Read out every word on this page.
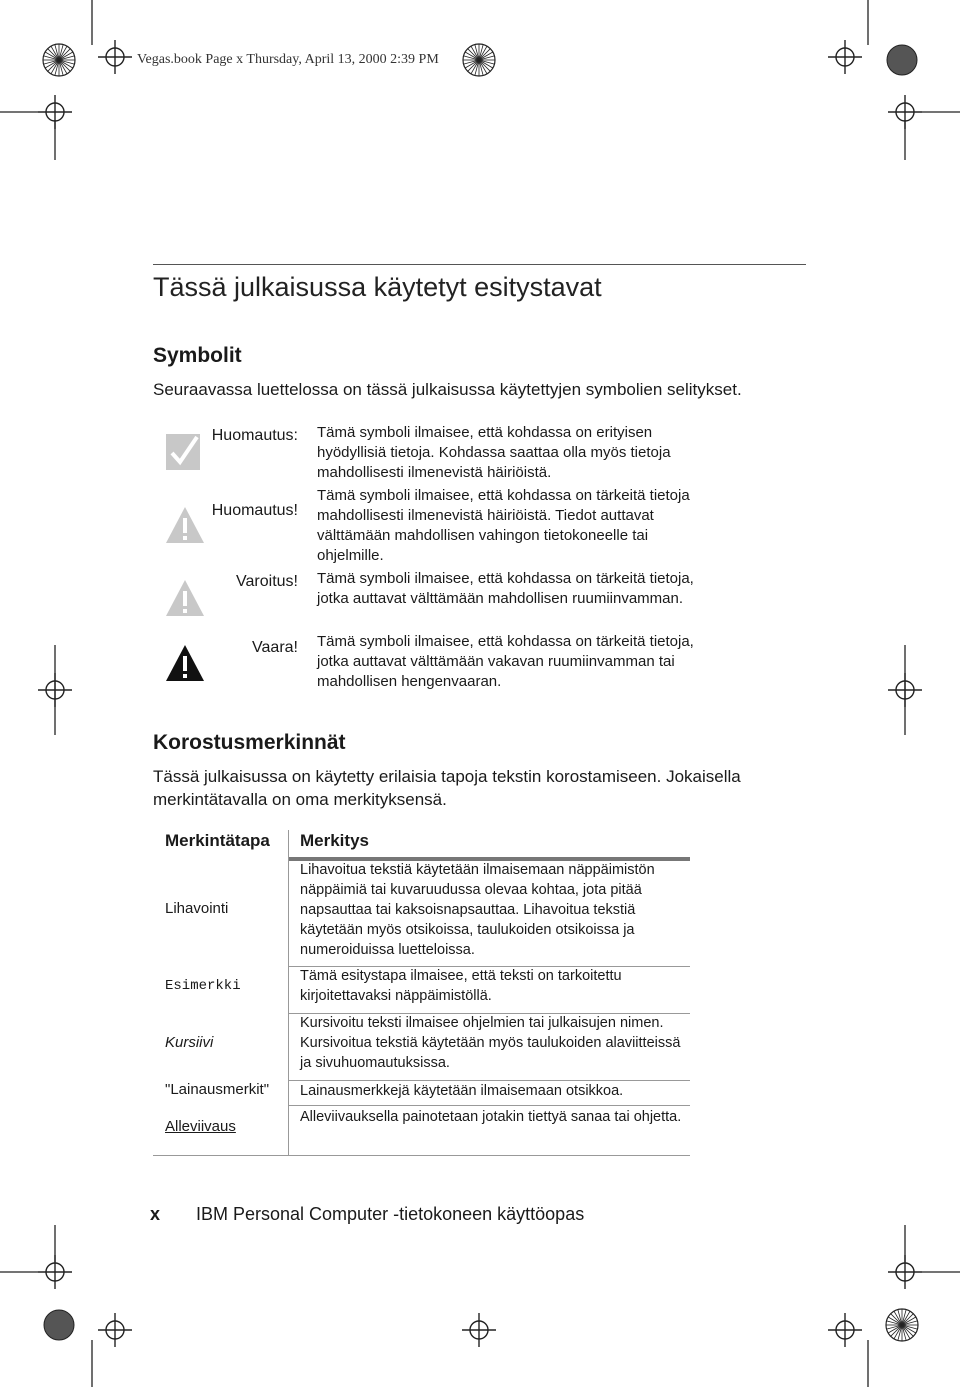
Vegas.book Page x Thursday, April 13, 2000 2:39 PM
Tässä julkaisussa käytetyt esitystavat
Symbolit
Seuraavassa luettelossa on tässä julkaisussa käytettyjen symbolien selitykset.
Huomautus:
Huomautus!
Varoitus!
Vaara!
Tämä symboli ilmaisee, että kohdassa on erityisen hyödyllisiä tietoja. Kohdassa saattaa olla myös tietoja mahdollisesti ilmenevistä häiriöistä.
Tämä symboli ilmaisee, että kohdassa on tärkeitä tietoja mahdollisesti ilmenevistä häiriöistä. Tiedot auttavat välttämään mahdollisen vahingon tietokoneelle tai ohjelmille.
Tämä symboli ilmaisee, että kohdassa on tärkeitä tietoja, jotka auttavat välttämään mahdollisen ruumiinvamman.
Tämä symboli ilmaisee, että kohdassa on tärkeitä tietoja, jotka auttavat välttämään vakavan ruumiinvamman tai mahdollisen hengenvaaran.
Korostusmerkinnät
Tässä julkaisussa on käytetty erilaisia tapoja tekstin korostamiseen. Jokaisella merkintätavalla on oma merkityksensä.
Merkintätapa Merkitys
Lihavointi
Lihavoitua tekstiä käytetään ilmaisemaan näppäimistön näppäimiä tai kuvaruudussa olevaa kohtaa, jota pitää napsauttaa tai kaksoisnapsauttaa. Lihavoitua tekstiä käytetään myös otsikoissa, taulukoiden otsikoissa ja numeroiduissa luetteloissa.
Esimerkki
Tämä esitystapa ilmaisee, että teksti on tarkoitettu kirjoitettavaksi näppäimistöllä.
Kursiivi
Kursivoitu teksti ilmaisee ohjelmien tai julkaisujen nimen. Kursivoitua tekstiä käytetään myös taulukoiden alaviitteissä ja sivuhuomautuksissa.
"Lainausmerkit" Lainausmerkkejä käytetään ilmaisemaan otsikkoa.
Alleviivaus
Alleviivauksella painotetaan jotakin tiettyä sanaa tai ohjetta.
x IBM Personal Computer -tietokoneen käyttöopas
